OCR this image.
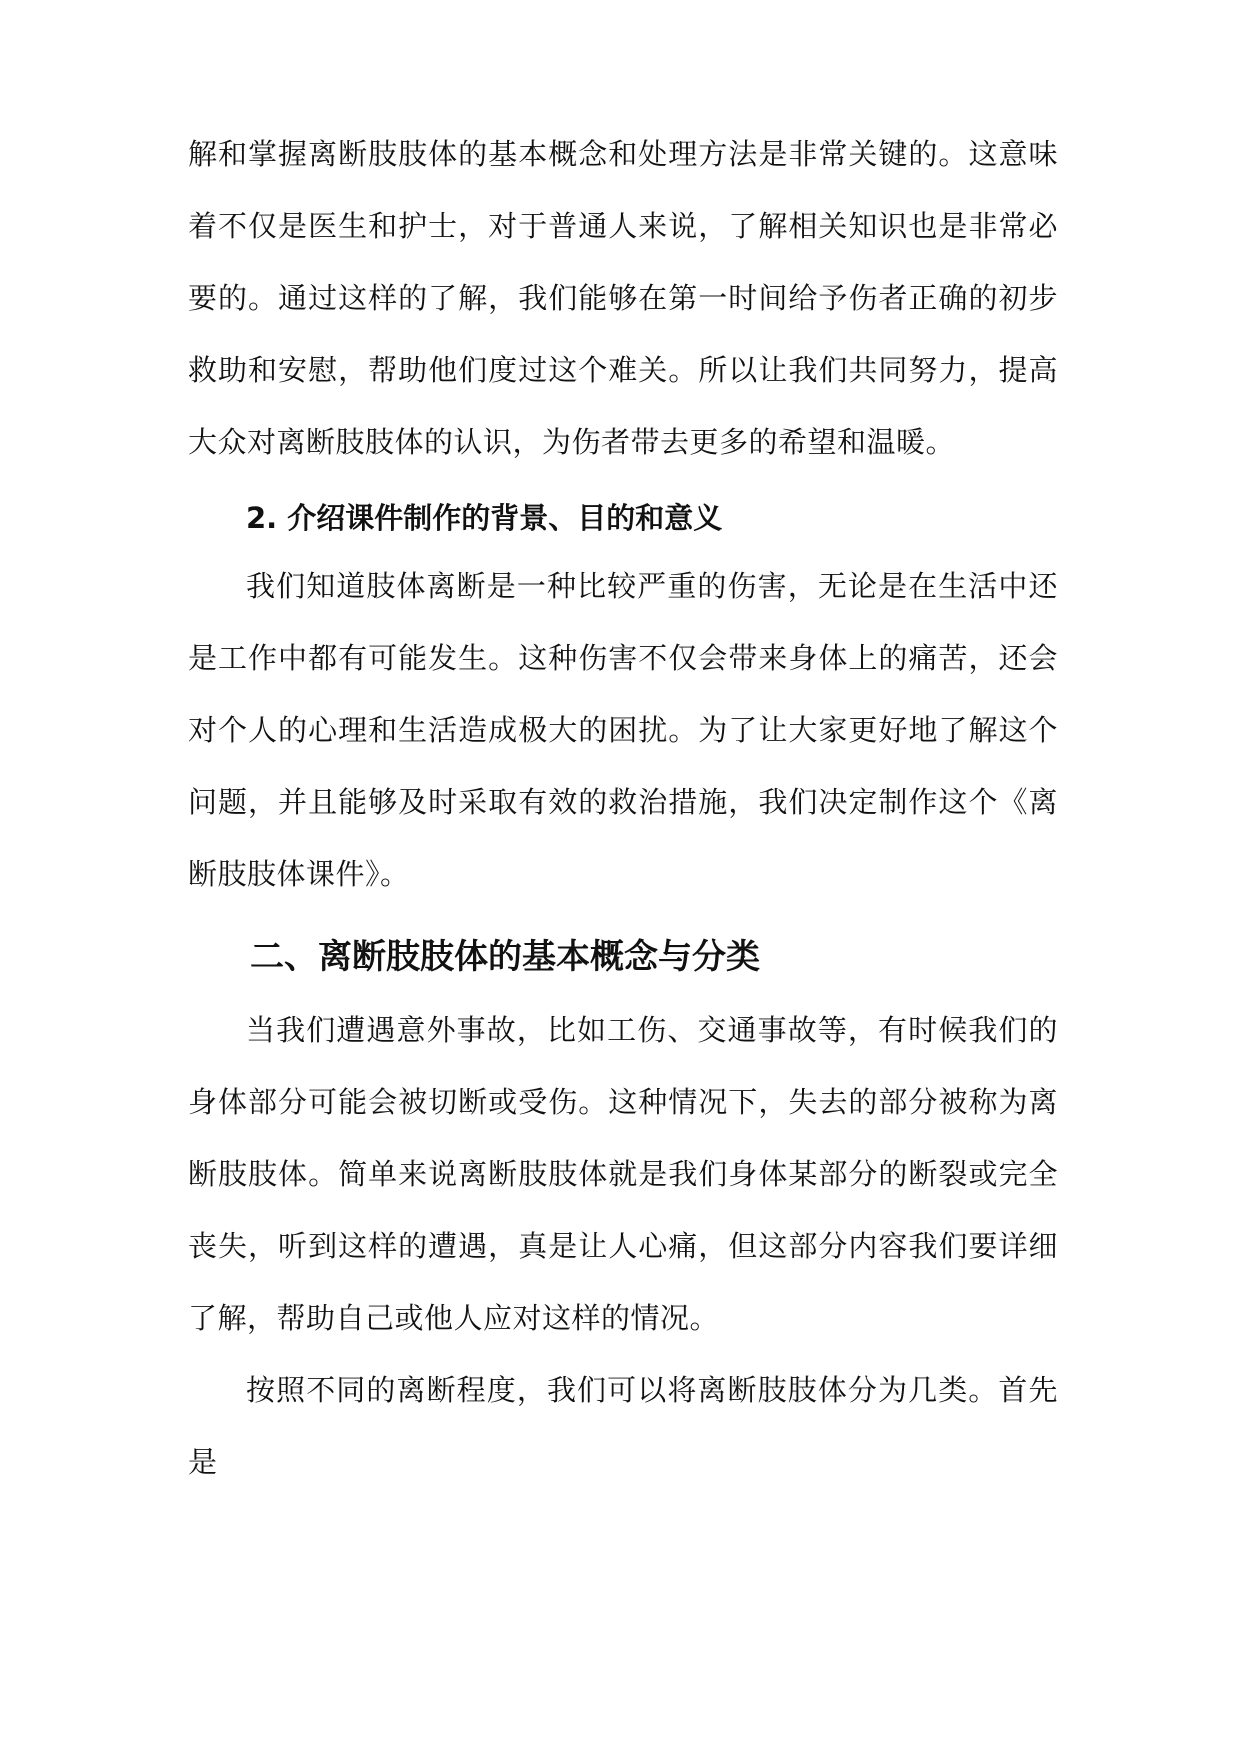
解和掌握离断肢肢体的基本概念和处理方法是非常关键的。这意味着不仅是医生和护士，对于普通人来说，了解相关知识也是非常必要的。通过这样的了解，我们能够在第一时间给予伤者正确的初步救助和安慰，帮助他们度过这个难关。所以让我们共同努力，提高大众对离断肢肢体的认识，为伤者带去更多的希望和温暖。

2. 介绍课件制作的背景、目的和意义

我们知道肢体离断是一种比较严重的伤害，无论是在生活中还是工作中都有可能发生。这种伤害不仅会带来身体上的痛苦，还会对个人的心理和生活造成极大的困扰。为了让大家更好地了解这个问题，并且能够及时采取有效的救治措施，我们决定制作这个《离断肢肢体课件》。

二、离断肢肢体的基本概念与分类

当我们遭遇意外事故，比如工伤、交通事故等，有时候我们的身体部分可能会被切断或受伤。这种情况下，失去的部分被称为离断肢肢体。简单来说离断肢肢体就是我们身体某部分的断裂或完全丧失，听到这样的遭遇，真是让人心痛，但这部分内容我们要详细了解，帮助自己或他人应对这样的情况。

按照不同的离断程度，我们可以将离断肢肢体分为几类。首先是
